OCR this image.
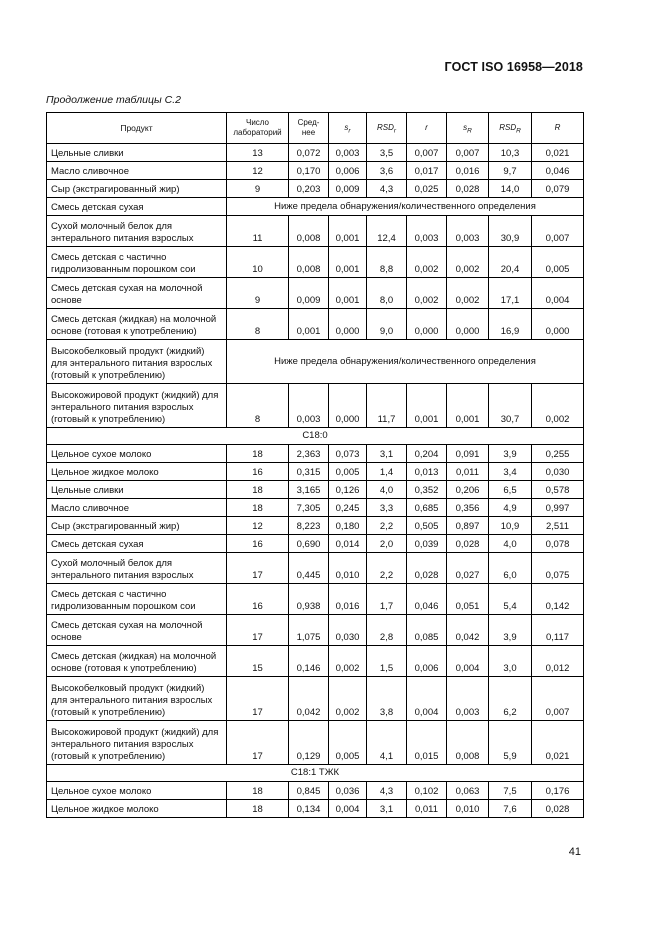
ГОСТ ISO 16958—2018
Продолжение таблицы С.2
Продукт	Число лабораторий	Сред-нее	$s_r$	$RSD_r$	r	$s_R$	$RSD_R$	R
Цельные сливки	13	0,072	0,003	3,5	0,007	0,007	10,3	0,021
Масло сливочное	12	0,170	0,006	3,6	0,017	0,016	9,7	0,046
Сыр (экстрагированный жир)	9	0,203	0,009	4,3	0,025	0,028	14,0	0,079
Смесь детская сухая	Ниже предела обнаружения/количественного определения							
Сухой молочный белок для энтерального питания взрослых	11	0,008	0,001	12,4	0,003	0,003	30,9	0,007
Смесь детская с частично гидролизованным порошком сои	10	0,008	0,001	8,8	0,002	0,002	20,4	0,005
Смесь детская сухая на молочной основе	9	0,009	0,001	8,0	0,002	0,002	17,1	0,004
Смесь детская (жидкая) на молочной основе (готовая к употреблению)	8	0,001	0,000	9,0	0,000	0,000	16,9	0,000
Высокобелковый продукт (жидкий) для энтерального питания взрослых (готовый к употреблению)	Ниже предела обнаружения/количественного определения							
Высокожировой продукт (жидкий) для энтерального питания взрослых (готовый к употреблению)	8	0,003	0,000	11,7	0,001	0,001	30,7	0,002
C18:0								
Цельное сухое молоко	18	2,363	0,073	3,1	0,204	0,091	3,9	0,255
Цельное жидкое молоко	16	0,315	0,005	1,4	0,013	0,011	3,4	0,030
Цельные сливки	18	3,165	0,126	4,0	0,352	0,206	6,5	0,578
Масло сливочное	18	7,305	0,245	3,3	0,685	0,356	4,9	0,997
Сыр (экстрагированный жир)	12	8,223	0,180	2,2	0,505	0,897	10,9	2,511
Смесь детская сухая	16	0,690	0,014	2,0	0,039	0,028	4,0	0,078
Сухой молочный белок для энтерального питания взрослых	17	0,445	0,010	2,2	0,028	0,027	6,0	0,075
Смесь детская с частично гидролизованным порошком сои	16	0,938	0,016	1,7	0,046	0,051	5,4	0,142
Смесь детская сухая на молочной основе	17	1,075	0,030	2,8	0,085	0,042	3,9	0,117
Смесь детская (жидкая) на молочной основе (готовая к употреблению)	15	0,146	0,002	1,5	0,006	0,004	3,0	0,012
Высокобелковый продукт (жидкий) для энтерального питания взрослых (готовый к употреблению)	17	0,042	0,002	3,8	0,004	0,003	6,2	0,007
Высокожировой продукт (жидкий) для энтерального питания взрослых (готовый к употреблению)	17	0,129	0,005	4,1	0,015	0,008	5,9	0,021
C18:1 ТЖК								
Цельное сухое молоко	18	0,845	0,036	4,3	0,102	0,063	7,5	0,176
Цельное жидкое молоко	18	0,134	0,004	3,1	0,011	0,010	7,6	0,028
41
